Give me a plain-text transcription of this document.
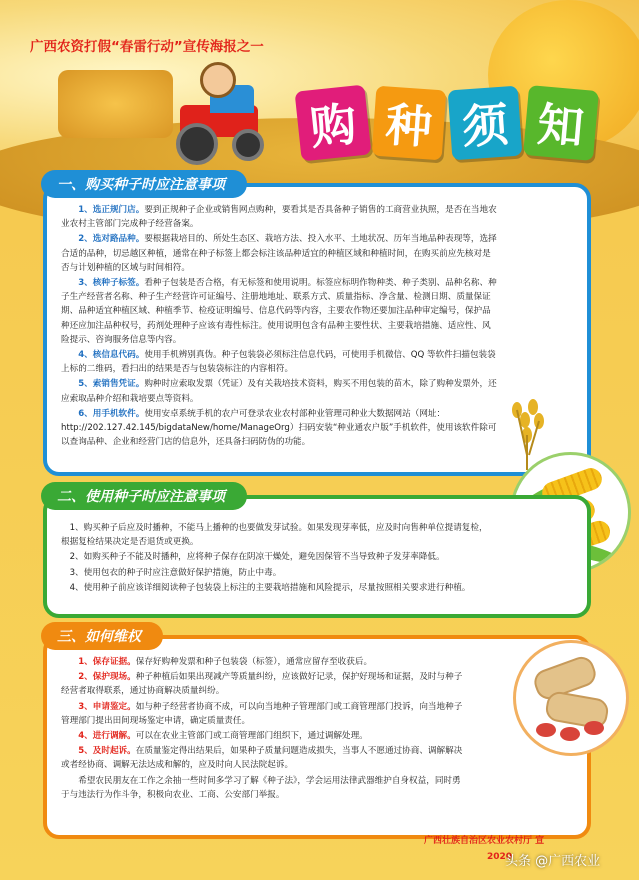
广西农资打假“春雷行动”宣传海报之一
购 种 须 知
一、购买种子时应注意事项

1、选正规门店。要到正规种子企业或销售网点购种，要看其是否具备种子销售的工商营业执照，是否在当地农业农村主管部门完成种子经营备案。

2、选对路品种。要根据栽培目的、所处生态区、栽培方法、投入水平、土地状况、历年当地品种表现等，选择合适的品种，切忌越区种植，通常在种子标签上都会标注该品种适宜的种植区域和种植时间，在购买前应先核对是否与计划种植的区域与时间相符。

3、核种子标签。看种子包装是否合格，有无标签和使用说明。标签应标明作物种类、种子类别、品种名称、种子生产经营者名称、种子生产经营许可证编号、注册地地址、联系方式、质量指标、净含量、检测日期、质量保证期、品种适宜种植区域、种植季节、检疫证明编号、信息代码等内容，主要农作物还要加注品种审定编号，保护品种还应加注品种权号，药剂处理种子应该有毒性标注。使用说明包含有品种主要性状、主要栽培措施、适应性、风险提示、咨询服务信息等内容。

4、核信息代码。使用手机辨别真伪。种子包装袋必须标注信息代码，可使用手机微信、QQ 等软件扫描包装袋上标的二维码，看扫出的结果是否与包装袋标注的内容相符。

5、索销售凭证。购种时应索取发票（凭证）及有关栽培技术资料，购买不用包装的苗木，除了购种发票外，还应索取品种介绍和栽培要点等资料。

6、用手机软件。使用安卓系统手机的农户可登录农业农村部种业管理司种业大数据网站（网址：http://202.127.42.145/bigdataNew/home/ManageOrg）扫码安装“种业通农户版”手机软件，使用该软件除可以查询品种、企业和经营门店的信息外，还具备扫码防伪的功能。

二、使用种子时应注意事项

1、购买种子后应及时播种，不能马上播种的也要做发芽试验。如果发现芽率低，应及时向售种单位提请复检，根据复检结果决定是否退货或更换。

2、如购买种子不能及时播种，应将种子保存在阴凉干燥处，避免因保管不当导致种子发芽率降低。

3、使用包衣的种子时应注意做好保护措施，防止中毒。

4、使用种子前应该详细阅读种子包装袋上标注的主要栽培措施和风险提示，尽量按照相关要求进行种植。

三、如何维权

1、保存证据。保存好购种发票和种子包装袋（标签），通常应留存至收获后。

2、保护现场。种子种植后如果出现减产等质量纠纷，应该做好记录，保护好现场和证据，及时与种子经营者取得联系，通过协商解决质量纠纷。

3、申请鉴定。如与种子经营者协商不成，可以向当地种子管理部门或工商管理部门投诉，向当地种子管理部门提出田间现场鉴定申请，确定质量责任。

4、进行调解。可以在农业主管部门或工商管理部门组织下，通过调解处理。

5、及时起诉。在质量鉴定得出结果后，如果种子质量问题造成损失，当事人不愿通过协商、调解解决或者经协商、调解无法达成和解的，应及时向人民法院起诉。

希望农民朋友在工作之余抽一些时间多学习了解《种子法》，学会运用法律武器维护自身权益，同时勇于与违法行为作斗争，积极向农业、工商、公安部门举报。

广西壮族自治区农业农村厅 宣
2020
头条 @广西农业
